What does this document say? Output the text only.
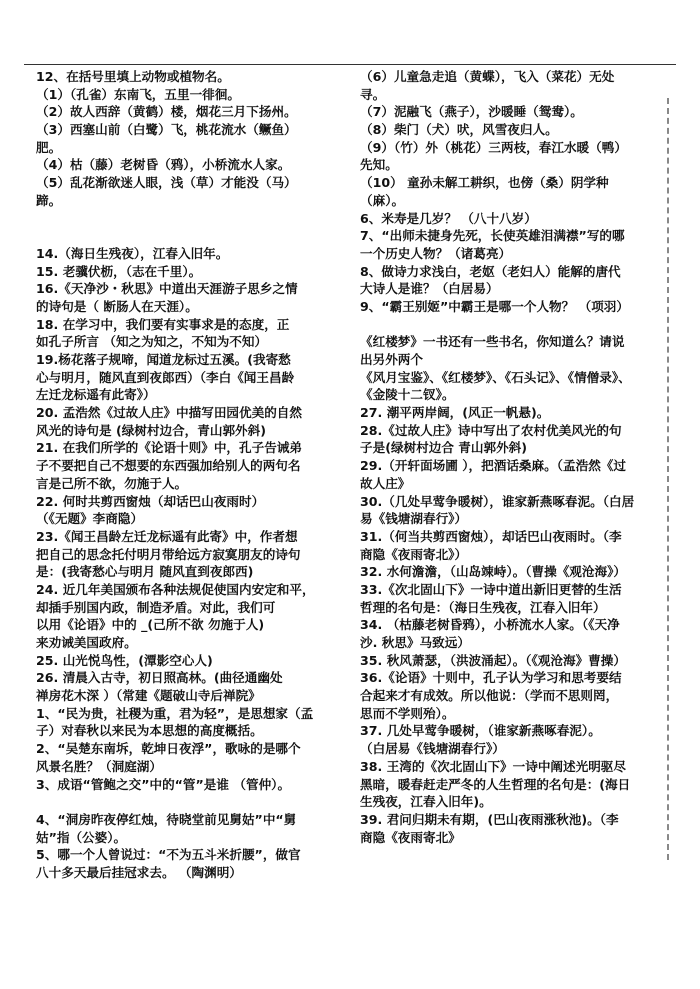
12、在括号里填上动物或植物名。
（1）（孔雀）东南飞，五里一徘徊。
（2）故人西辞（黄鹤）楼，烟花三月下扬州。
（3）西塞山前（白鹭）飞，桃花流水（鳜鱼）
肥。
（4）枯（藤）老树昏（鸦），小桥流水人家。
（5）乱花渐欲迷人眼，浅（草）才能没（马）
蹄。
14.（海日生残夜），江春入旧年。
15. 老骥伏枥，（志在千里）。
16.《天净沙・秋思》中道出天涯游子思乡之情
的诗句是（ 断肠人在天涯）。
18. 在学习中，我们要有实事求是的态度，正
如孔子所言 （知之为知之，不知为不知）
19.杨花落子规啼，闻道龙标过五溪。(我寄愁
心与明月，随风直到夜郎西）（李白《闻王昌龄
左迁龙标遥有此寄》）
20. 孟浩然《过故人庄》中描写田园优美的自然
风光的诗句是 (绿树村边合，青山郭外斜)
21. 在我们所学的《论语十则》中，孔子告诫弟
子不要把自己不想要的东西强加给别人的两句名
言是己所不欲，勿施于人。
22. 何时共剪西窗烛（却话巴山夜雨时）
（《无题》李商隐）
23.《闻王昌龄左迁龙标遥有此寄》中，作者想
把自己的思念托付明月带给远方寂寞朋友的诗句
是：(我寄愁心与明月 随风直到夜郎西)
24. 近几年美国颁布各种法规促使国内安定和平，
却插手别国内政，制造矛盾。对此，我们可
以用《论语》中的 _(己所不欲 勿施于人)
来劝诫美国政府。
25. 山光悦鸟性，(潭影空心人)
26. 清晨入古寺，初日照高林。(曲径通幽处
禅房花木深 ）（常建《题破山寺后禅院》
1、“民为贵，社稷为重，君为轻”，是思想家（孟
子）对春秋以来民为本思想的高度概括。
2、“吴楚东南坼，乾坤日夜浮”，歌咏的是哪个
风景名胜？（洞庭湖）
3、成语“管鲍之交”中的“管”是谁 （管仲）。
4、“洞房昨夜停红烛，待晓堂前见舅姑”中“舅
姑”指（公婆）。
5、哪一个人曾说过：“不为五斗米折腰”，做官
八十多天最后挂冠求去。 （陶渊明）
（6）儿童急走追（黄蝶），飞入（菜花）无处
寻。
（7）泥融飞（燕子），沙暖睡（鸳鸯）。
（8）柴门（犬）吠，风雪夜归人。
（9）（竹）外（桃花）三两枝，春江水暖（鸭）
先知。
（10） 童孙未解工耕织，也傍（桑）阴学种
（麻）。
6、米寿是几岁？ （八十八岁）
7、“出师未捷身先死，长使英雄泪满襟”写的哪
一个历史人物？（诸葛亮）
8、做诗力求浅白，老妪（老妇人）能解的唐代
大诗人是谁？（白居易）
9、“霸王别姬”中霸王是哪一个人物？ （项羽）
《红楼梦》一书还有一些书名，你知道么？请说
出另外两个
《风月宝鉴》、《红楼梦》、《石头记》、《情僧录》、
《金陵十二钗》。
27. 潮平两岸阔，(风正一帆悬)。
28.《过故人庄》诗中写出了农村优美风光的句
子是(绿树村边合 青山郭外斜)
29.（开轩面场圃 ），把酒话桑麻。（孟浩然《过
故人庄》
30.（几处早莺争暖树），谁家新燕啄春泥。（白居
易《钱塘湖春行》）
31.（何当共剪西窗烛），却话巴山夜雨时。（李
商隐《夜雨寄北》）
32. 水何澹澹，（山岛竦峙）。（曹操《观沧海》）
33.《次北固山下》一诗中道出新旧更替的生活
哲理的名句是：（海日生残夜，江春入旧年）
34. （枯藤老树昏鸦），小桥流水人家。（《天净
沙. 秋思》马致远）
35. 秋风萧瑟，（洪波涌起）。（《观沧海》曹操）
36.《论语》十则中，孔子认为学习和思考要结
合起来才有成效。所以他说：（学而不思则罔，
思而不学则殆）。
37. 几处早莺争暖树，（谁家新燕啄春泥）。
（白居易《钱塘湖春行》）
38. 王湾的《次北固山下》一诗中阐述光明驱尽
黑暗，暖春赶走严冬的人生哲理的名句是：(海日
生残夜，江春入旧年)。
39. 君问归期未有期，(巴山夜雨涨秋池)。（李
商隐《夜雨寄北》
